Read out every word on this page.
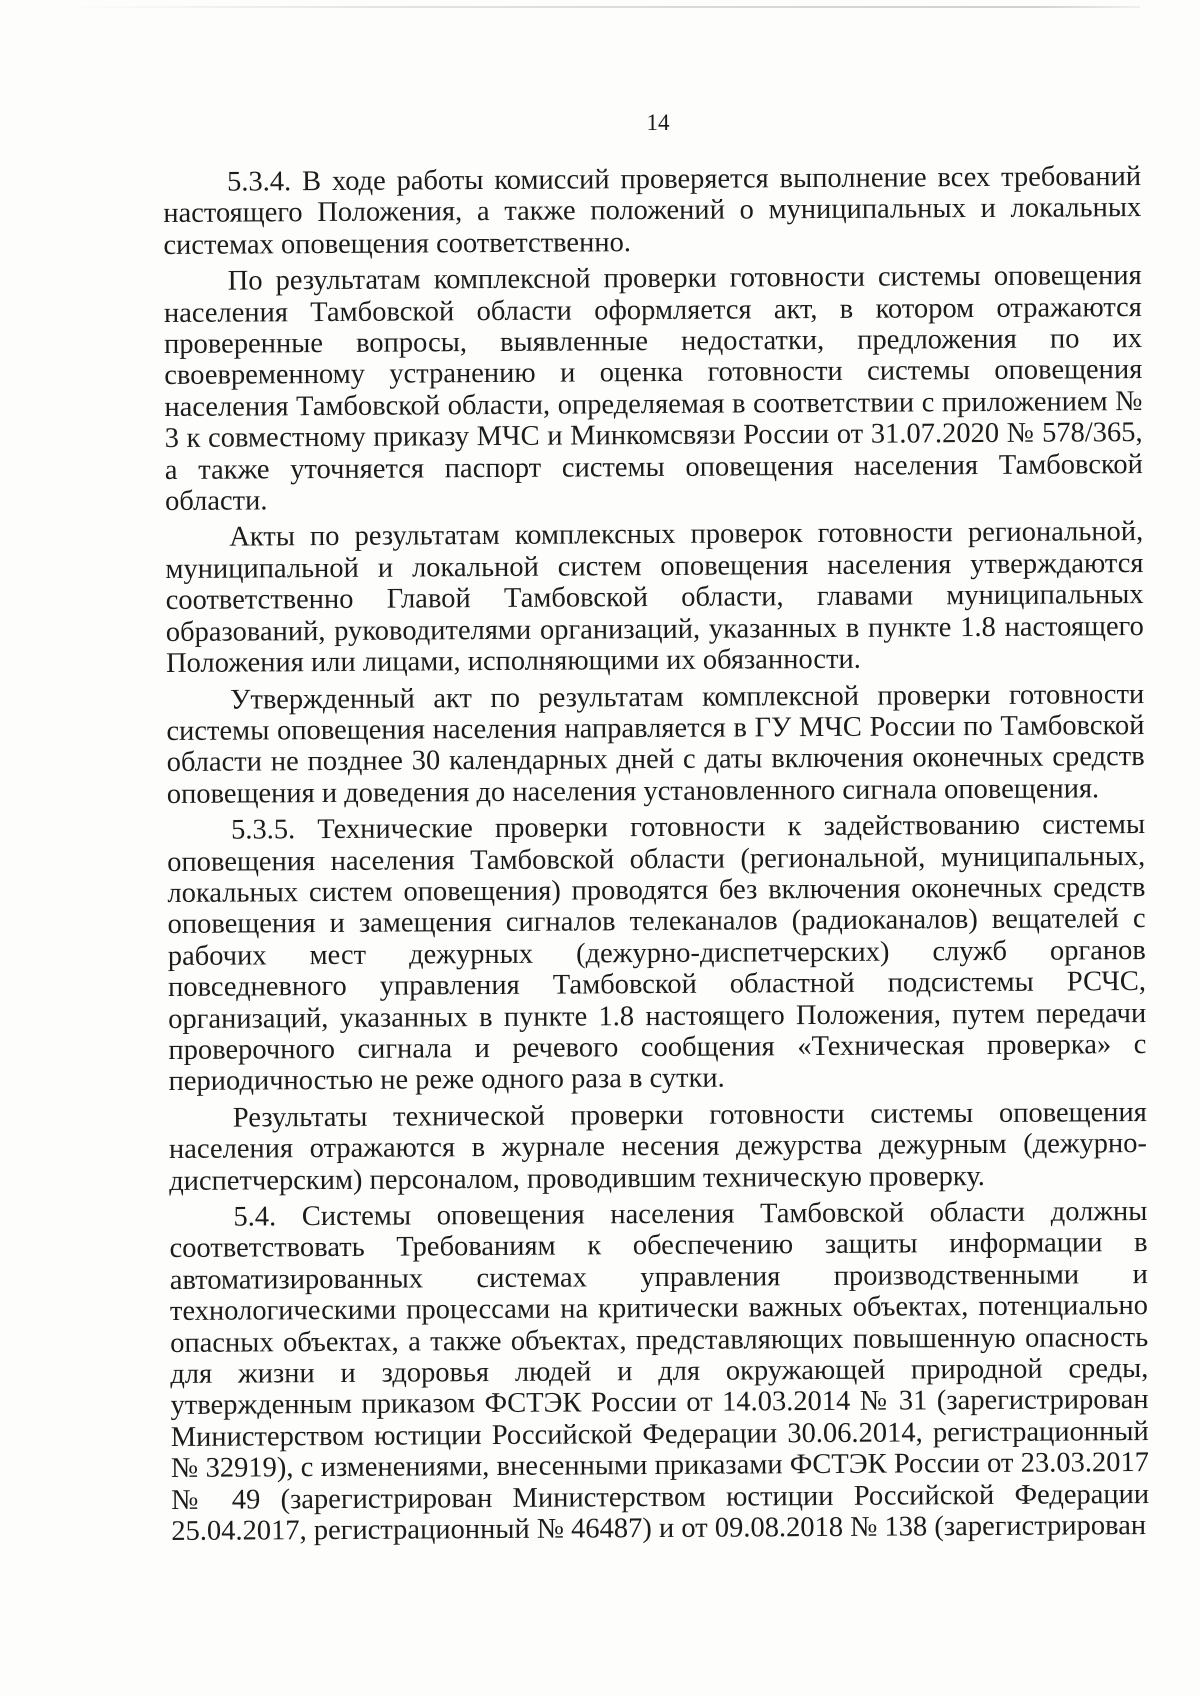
14

5.3.4. В ходе работы комиссий проверяется выполнение всех требований настоящего Положения, а также положений о муниципальных и локальных системах оповещения соответственно.

По результатам комплексной проверки готовности системы оповещения населения Тамбовской области оформляется акт, в котором отражаются проверенные вопросы, выявленные недостатки, предложения по их своевременному устранению и оценка готовности системы оповещения населения Тамбовской области, определяемая в соответствии с приложением № 3 к совместному приказу МЧС и Минкомсвязи России от 31.07.2020 № 578/365, а также уточняется паспорт системы оповещения населения Тамбовской области.

Акты по результатам комплексных проверок готовности региональной, муниципальной и локальной систем оповещения населения утверждаются соответственно Главой Тамбовской области, главами муниципальных образований, руководителями организаций, указанных в пункте 1.8 настоящего Положения или лицами, исполняющими их обязанности.

Утвержденный акт по результатам комплексной проверки готовности системы оповещения населения направляется в ГУ МЧС России по Тамбовской области не позднее 30 календарных дней с даты включения оконечных средств оповещения и доведения до населения установленного сигнала оповещения.

5.3.5. Технические проверки готовности к задействованию системы оповещения населения Тамбовской области (региональной, муниципальных, локальных систем оповещения) проводятся без включения оконечных средств оповещения и замещения сигналов телеканалов (радиоканалов) вещателей с рабочих мест дежурных (дежурно-диспетчерских) служб органов повседневного управления Тамбовской областной подсистемы РСЧС, организаций, указанных в пункте 1.8 настоящего Положения, путем передачи проверочного сигнала и речевого сообщения «Техническая проверка» с периодичностью не реже одного раза в сутки.

Результаты технической проверки готовности системы оповещения населения отражаются в журнале несения дежурства дежурным (дежурно-диспетчерским) персоналом, проводившим техническую проверку.

5.4. Системы оповещения населения Тамбовской области должны соответствовать Требованиям к обеспечению защиты информации в автоматизированных системах управления производственными и технологическими процессами на критически важных объектах, потенциально опасных объектах, а также объектах, представляющих повышенную опасность для жизни и здоровья людей и для окружающей природной среды, утвержденным приказом ФСТЭК России от 14.03.2014 № 31 (зарегистрирован Министерством юстиции Российской Федерации 30.06.2014, регистрационный № 32919), с изменениями, внесенными приказами ФСТЭК России от 23.03.2017 № 49 (зарегистрирован Министерством юстиции Российской Федерации 25.04.2017, регистрационный № 46487) и от 09.08.2018 № 138 (зарегистрирован
